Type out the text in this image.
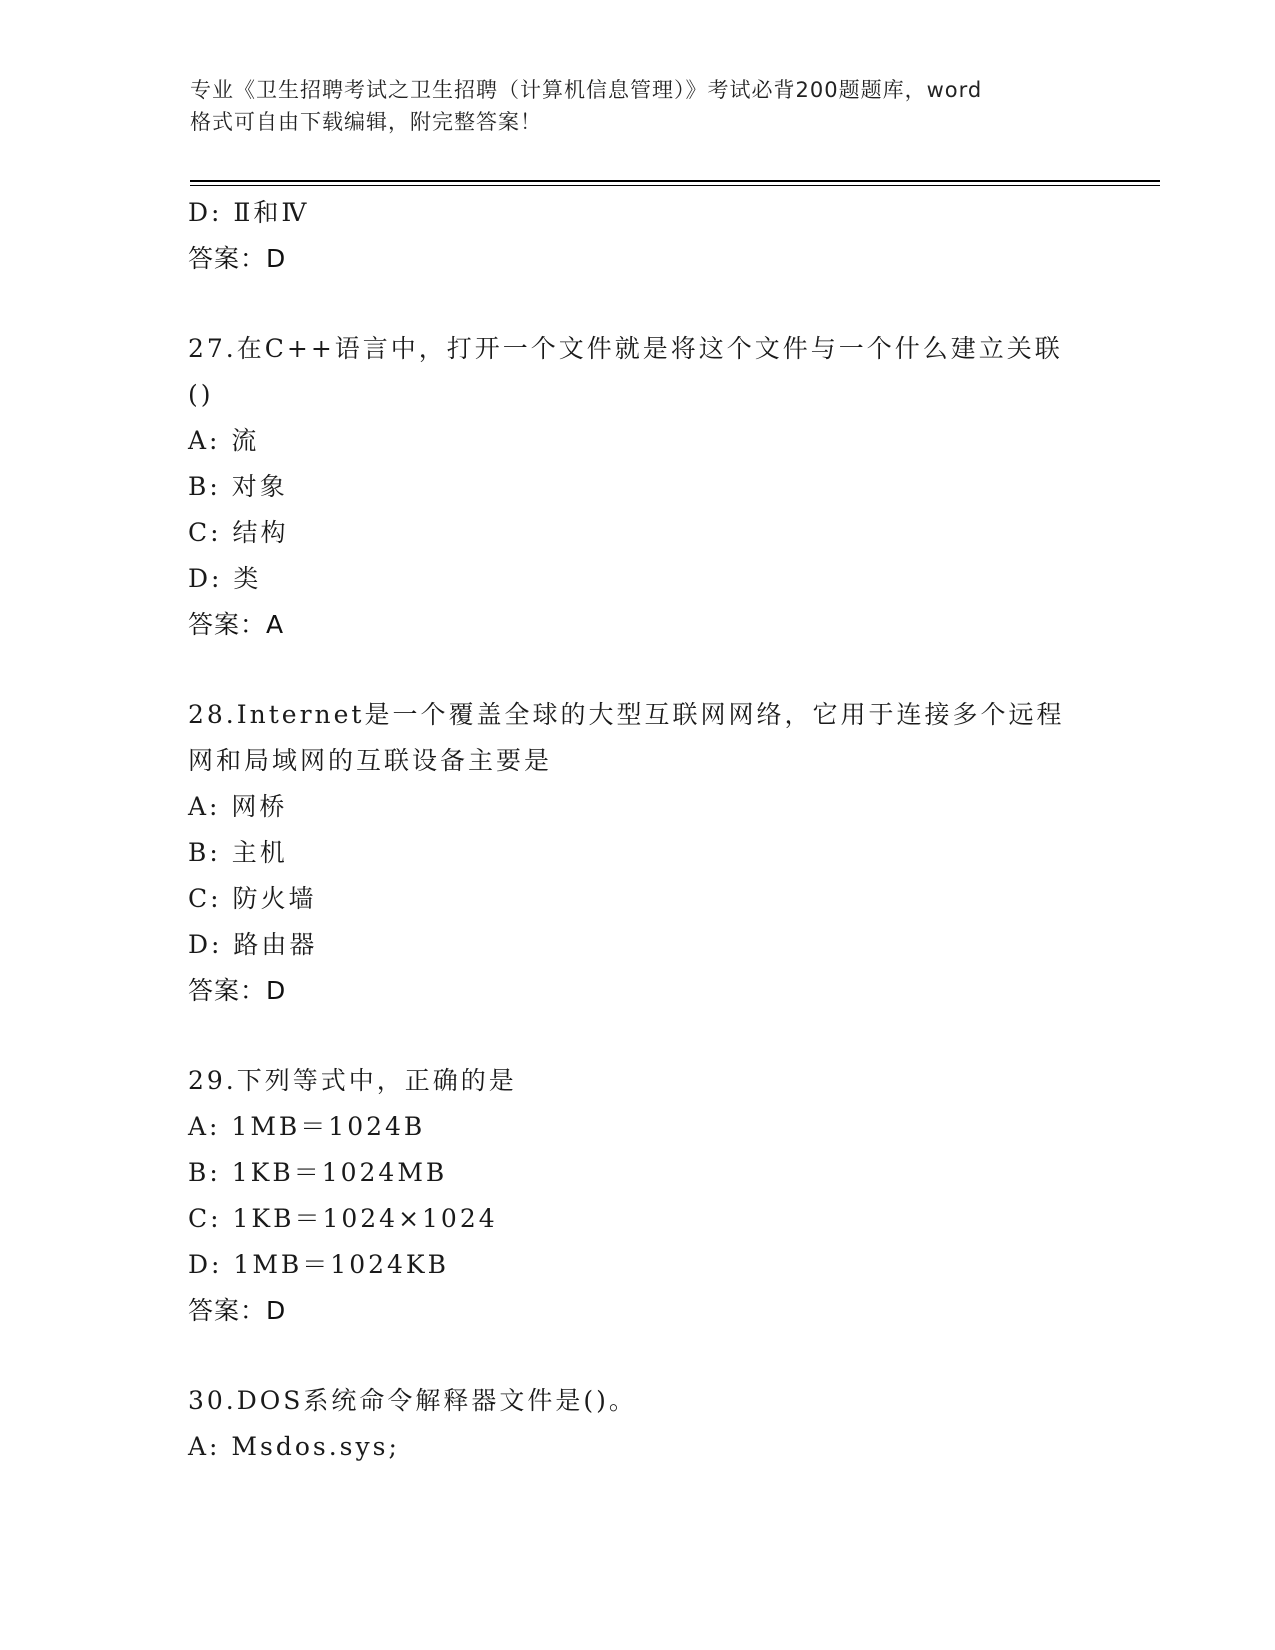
专业《卫生招聘考试之卫生招聘（计算机信息管理）》考试必背200题题库，word
格式可自由下载编辑，附完整答案！
D: Ⅱ和Ⅳ
答案：D
27.在C++语言中，打开一个文件就是将这个文件与一个什么建立关联()
A: 流
B: 对象
C: 结构
D: 类
答案：A
28.Internet是一个覆盖全球的大型互联网网络，它用于连接多个远程网和局域网的互联设备主要是
A: 网桥
B: 主机
C: 防火墙
D: 路由器
答案：D
29.下列等式中，正确的是
A: 1MB＝1024B
B: 1KB＝1024MB
C: 1KB＝1024×1024
D: 1MB＝1024KB
答案：D
30.DOS系统命令解释器文件是()。
A: Msdos.sys;
